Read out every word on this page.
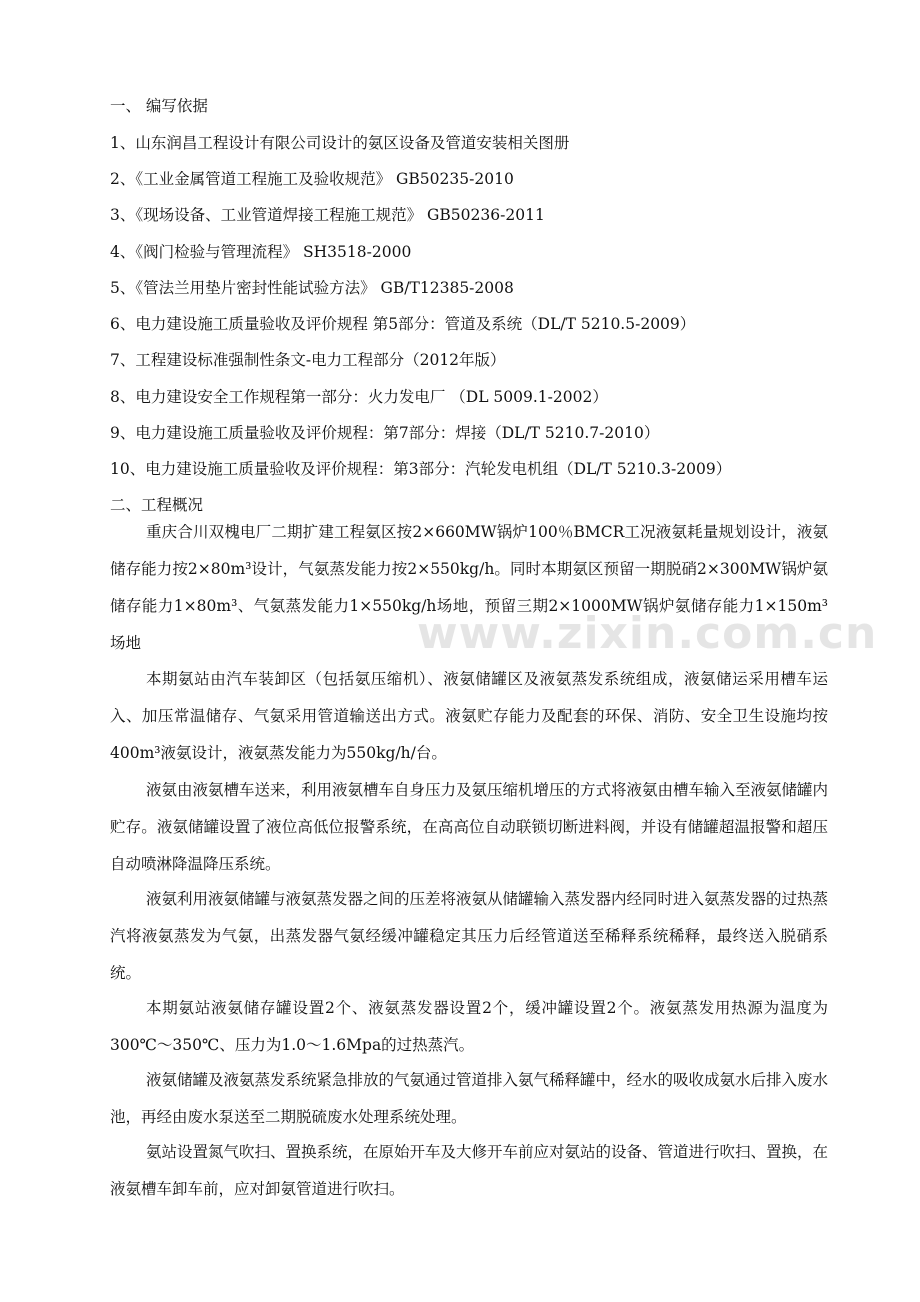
一、 编写依据
1、山东润昌工程设计有限公司设计的氨区设备及管道安装相关图册
2、《工业金属管道工程施工及验收规范》 GB50235-2010
3、《现场设备、工业管道焊接工程施工规范》 GB50236-2011
4、《阀门检验与管理流程》 SH3518-2000
5、《管法兰用垫片密封性能试验方法》 GB/T12385-2008
6、电力建设施工质量验收及评价规程 第5部分：管道及系统（DL/T 5210.5-2009）
7、工程建设标准强制性条文-电力工程部分（2012年版）
8、电力建设安全工作规程第一部分：火力发电厂 （DL 5009.1-2002）
9、电力建设施工质量验收及评价规程：第7部分：焊接（DL/T 5210.7-2010）
10、电力建设施工质量验收及评价规程：第3部分：汽轮发电机组（DL/T 5210.3-2009）
二、工程概况

重庆合川双槐电厂二期扩建工程氨区按2×660MW锅炉100％BMCR工况液氨耗量规划设计，液氨储存能力按2×80m³设计，气氨蒸发能力按2×550kg/h。同时本期氨区预留一期脱硝2×300MW锅炉氨储存能力1×80m³、气氨蒸发能力1×550kg/h场地，预留三期2×1000MW锅炉氨储存能力1×150m³场地

本期氨站由汽车装卸区（包括氨压缩机）、液氨储罐区及液氨蒸发系统组成，液氨储运采用槽车运入、加压常温储存、气氨采用管道输送出方式。液氨贮存能力及配套的环保、消防、安全卫生设施均按400m³液氨设计，液氨蒸发能力为550kg/h/台。

液氨由液氨槽车送来，利用液氨槽车自身压力及氨压缩机增压的方式将液氨由槽车输入至液氨储罐内贮存。液氨储罐设置了液位高低位报警系统，在高高位自动联锁切断进料阀，并设有储罐超温报警和超压自动喷淋降温降压系统。

液氨利用液氨储罐与液氨蒸发器之间的压差将液氨从储罐输入蒸发器内经同时进入氨蒸发器的过热蒸汽将液氨蒸发为气氨，出蒸发器气氨经缓冲罐稳定其压力后经管道送至稀释系统稀释，最终送入脱硝系统。

本期氨站液氨储存罐设置2个、液氨蒸发器设置2个，缓冲罐设置2个。液氨蒸发用热源为温度为300℃～350℃、压力为1.0～1.6Mpa的过热蒸汽。

液氨储罐及液氨蒸发系统紧急排放的气氨通过管道排入氨气稀释罐中，经水的吸收成氨水后排入废水池，再经由废水泵送至二期脱硫废水处理系统处理。

氨站设置氮气吹扫、置换系统，在原始开车及大修开车前应对氨站的设备、管道进行吹扫、置换，在液氨槽车卸车前，应对卸氨管道进行吹扫。

www.zixin.com.cn
